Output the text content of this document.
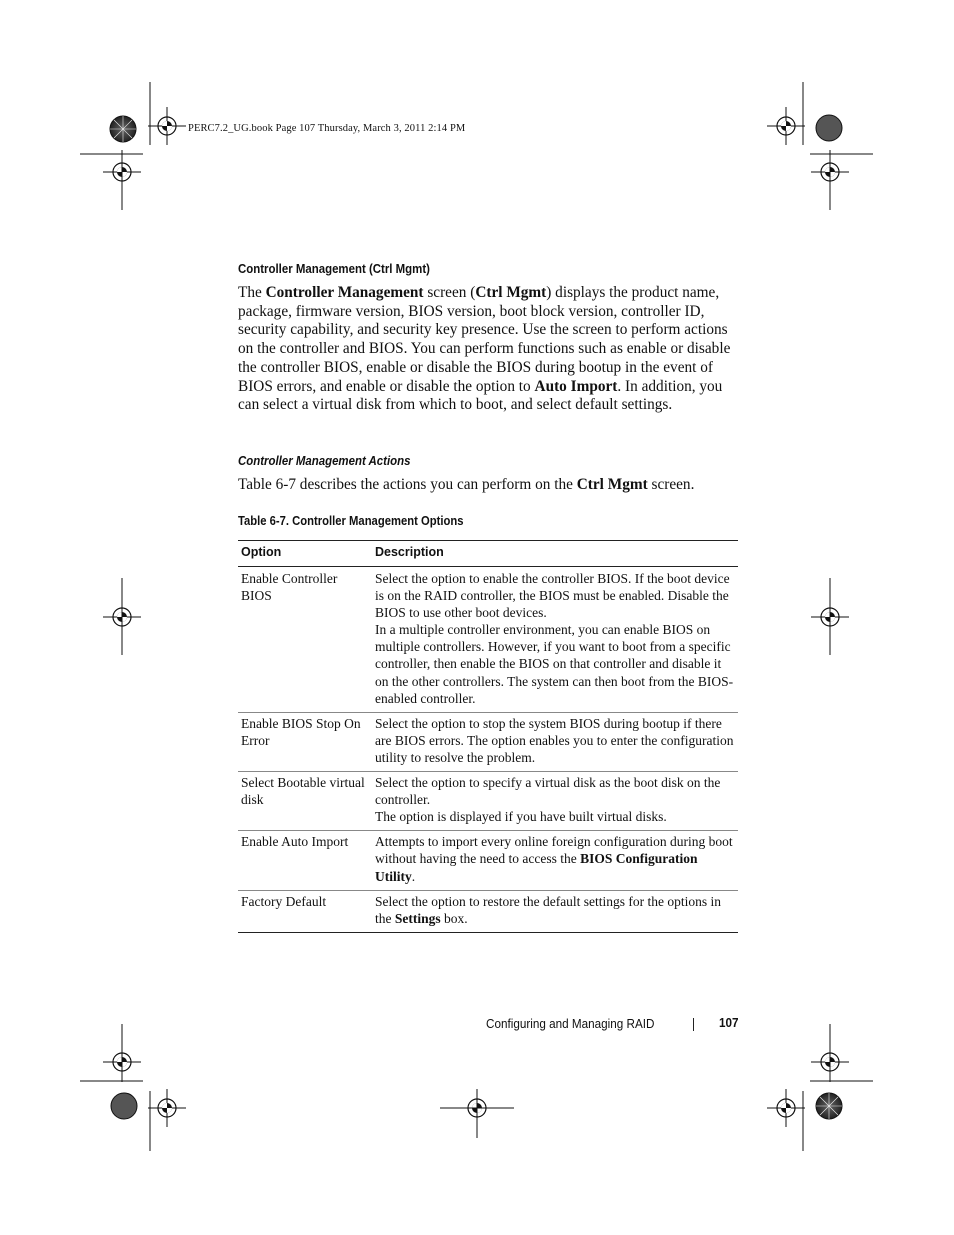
PERC7.2_UG.book Page 107 Thursday, March 3, 2011 2:14 PM
Controller Management (Ctrl Mgmt)
The Controller Management screen (Ctrl Mgmt) displays the product name, package, firmware version, BIOS version, boot block version, controller ID, security capability, and security key presence. Use the screen to perform actions on the controller and BIOS. You can perform functions such as enable or disable the controller BIOS, enable or disable the BIOS during bootup in the event of BIOS errors, and enable or disable the option to Auto Import. In addition, you can select a virtual disk from which to boot, and select default settings.
Controller Management Actions
Table 6-7 describes the actions you can perform on the Ctrl Mgmt screen.
Table 6-7. Controller Management Options
Option	Description
Enable Controller BIOS	Select the option to enable the controller BIOS. If the boot device is on the RAID controller, the BIOS must be enabled. Disable the BIOS to use other boot devices.
In a multiple controller environment, you can enable BIOS on multiple controllers. However, if you want to boot from a specific controller, then enable the BIOS on that controller and disable it on the other controllers. The system can then boot from the BIOS-enabled controller.

Enable BIOS Stop On Error	Select the option to stop the system BIOS during bootup if there are BIOS errors. The option enables you to enter the configuration utility to resolve the problem.

Select Bootable virtual disk	Select the option to specify a virtual disk as the boot disk on the controller.
The option is displayed if you have built virtual disks.

Enable Auto Import	Attempts to import every online foreign configuration during boot without having the need to access the BIOS Configuration Utility.
Factory Default	Select the option to restore the default settings for the options in the Settings box.
Configuring and Managing RAID	107
